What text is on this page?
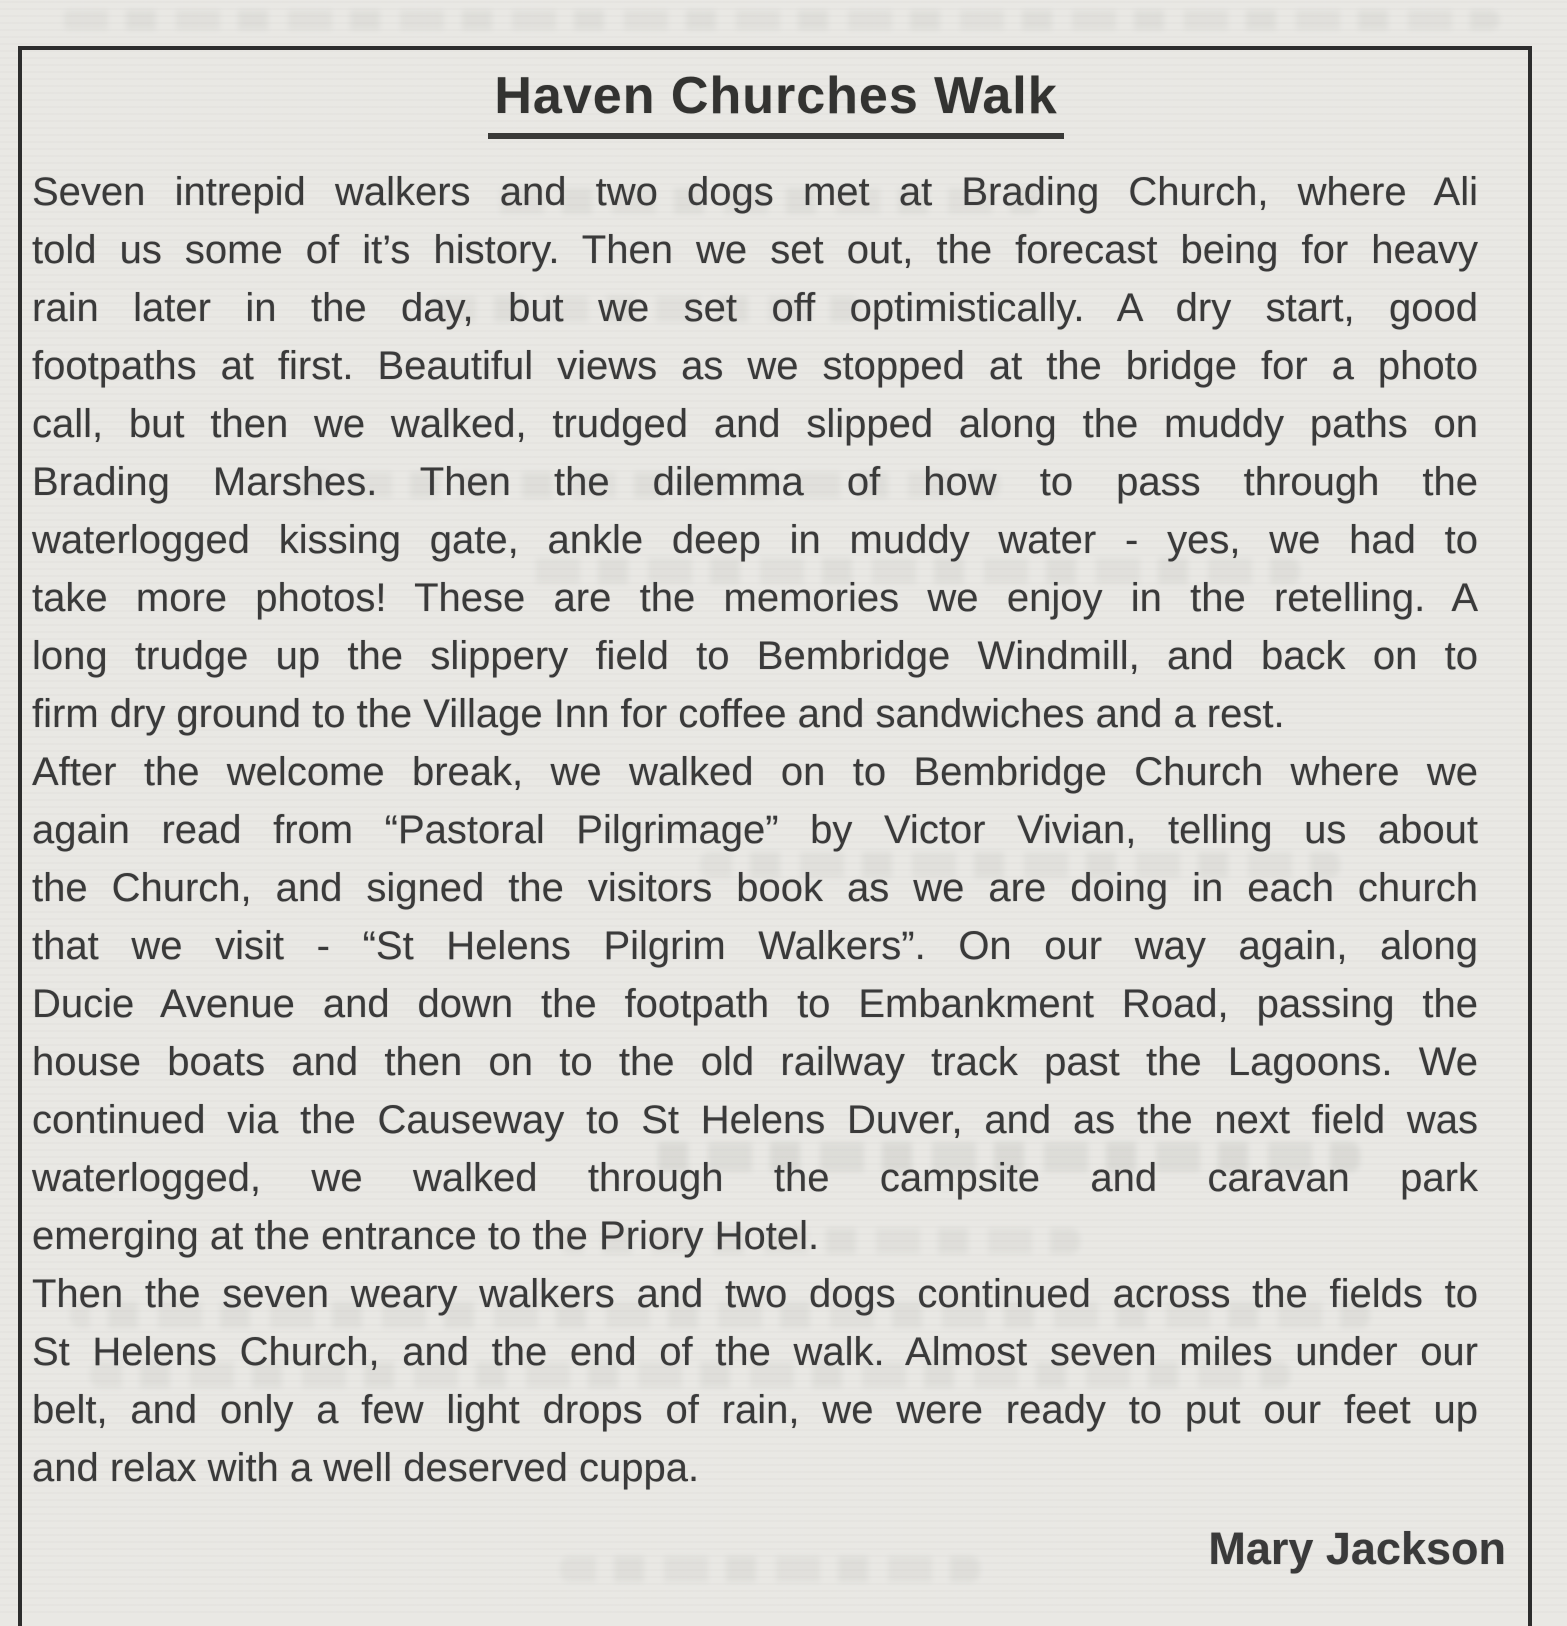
Haven Churches Walk
Seven intrepid walkers and two dogs met at Brading Church, where Ali
told us some of it’s history. Then we set out, the forecast being for heavy
rain later in the day, but we set off optimistically. A dry start, good
footpaths at first. Beautiful views as we stopped at the bridge for a photo
call, but then we walked, trudged and slipped along the muddy paths on
Brading Marshes. Then the dilemma of how to pass through the
waterlogged kissing gate, ankle deep in muddy water - yes, we had to
take more photos! These are the memories we enjoy in the retelling. A
long trudge up the slippery field to Bembridge Windmill, and back on to
firm dry ground to the Village Inn for coffee and sandwiches and a rest.
After the welcome break, we walked on to Bembridge Church where we
again read from “Pastoral Pilgrimage” by Victor Vivian, telling us about
the Church, and signed the visitors book as we are doing in each church
that we visit - “St Helens Pilgrim Walkers”. On our way again, along
Ducie Avenue and down the footpath to Embankment Road, passing the
house boats and then on to the old railway track past the Lagoons. We
continued via the Causeway to St Helens Duver, and as the next field was
waterlogged, we walked through the campsite and caravan park
emerging at the entrance to the Priory Hotel.
Then the seven weary walkers and two dogs continued across the fields to
St Helens Church, and the end of the walk. Almost seven miles under our
belt, and only a few light drops of rain, we were ready to put our feet up
and relax with a well deserved cuppa.
Mary Jackson
